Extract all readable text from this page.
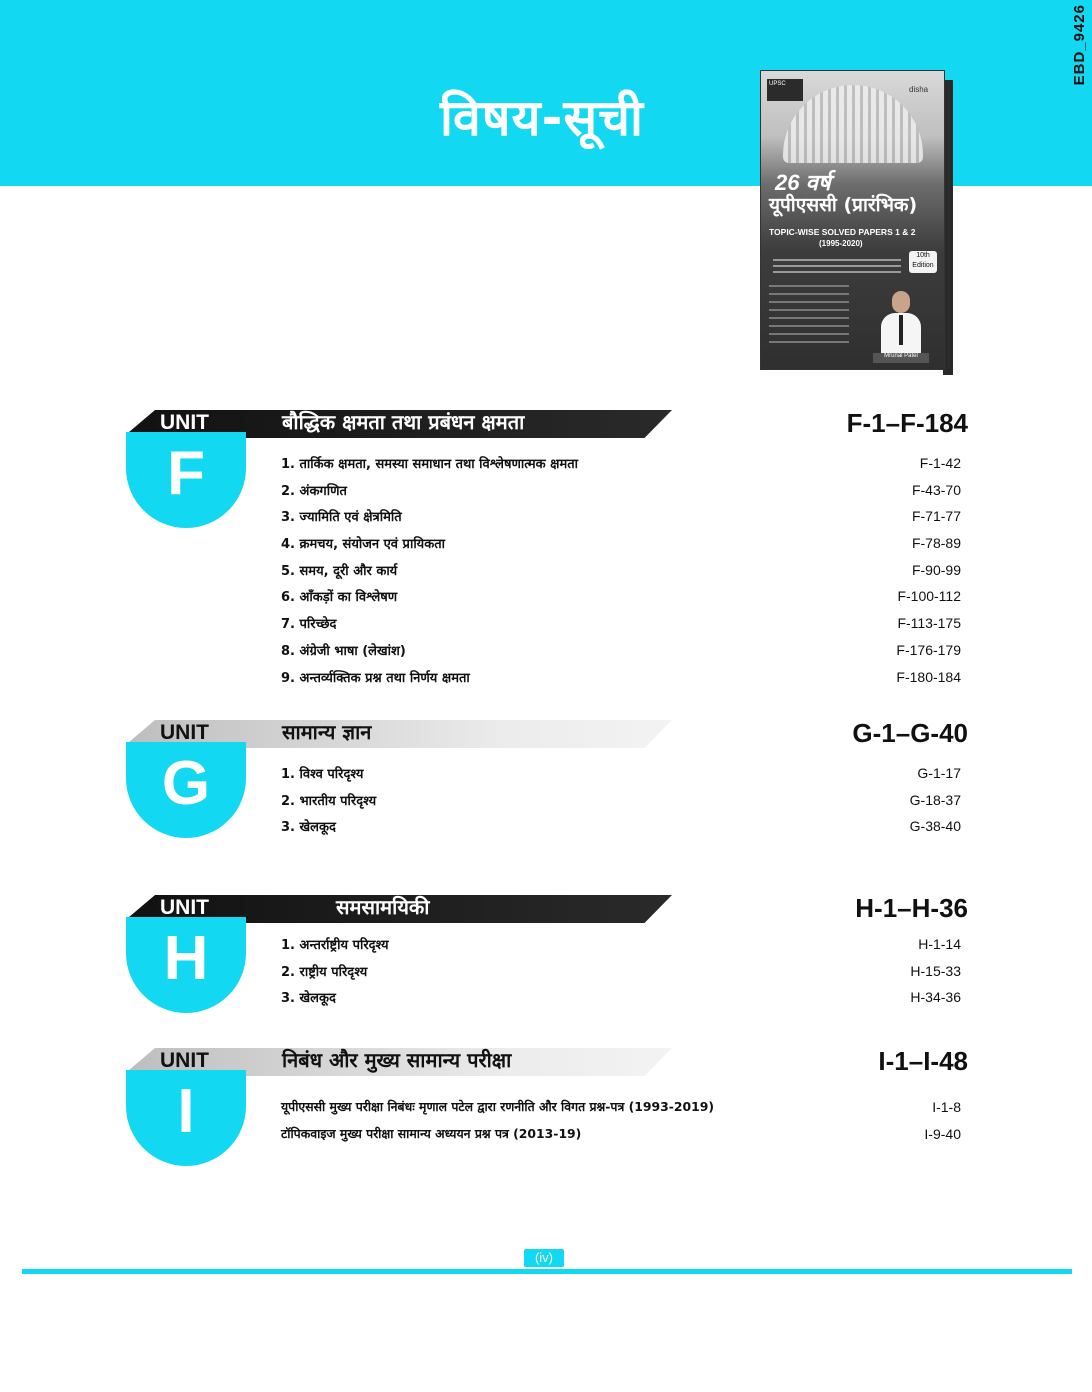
विषय-सूची
EBD_9426
UPSC
disha
26 वर्ष
यूपीएससी (प्रारंभिक)
TOPIC-WISE SOLVED PAPERS 1 & 2
(1995-2020)
10th Edition
Mrunal Patel
F
UNIT	बौद्धिक क्षमता तथा प्रबंधन क्षमता	F-1–F-184
1. तार्किक क्षमता, समस्या समाधान तथा विश्लेषणात्मक क्षमता	F-1-42
2. अंकगणित	F-43-70
3. ज्यामिति एवं क्षेत्रमिति	F-71-77
4. क्रमचय, संयोजन एवं प्रायिकता	F-78-89
5. समय, दूरी और कार्य	F-90-99
6. आँकड़ों का विश्लेषण	F-100-112
7. परिच्छेद	F-113-175
8. अंग्रेजी भाषा (लेखांश)	F-176-179
9. अन्तर्व्यक्तिक प्रश्न तथा निर्णय क्षमता	F-180-184
G
UNIT	सामान्य ज्ञान	G-1–G-40
1. विश्व परिदृश्य	G-1-17
2. भारतीय परिदृश्य	G-18-37
3. खेलकूद	G-38-40
H
UNIT	समसामयिकी	H-1–H-36
1. अन्तर्राष्ट्रीय परिदृश्य	H-1-14
2. राष्ट्रीय परिदृश्य	H-15-33
3. खेलकूद	H-34-36
I
UNIT	निबंध और मुख्य सामान्य परीक्षा	I-1–I-48
यूपीएससी मुख्य परीक्षा निबंधः मृणाल पटेल द्वारा रणनीति और विगत प्रश्न-पत्र (1993-2019)	I-1-8
टॉपिकवाइज मुख्य परीक्षा सामान्य अध्ययन प्रश्न पत्र (2013-19)	I-9-40
(iv)
